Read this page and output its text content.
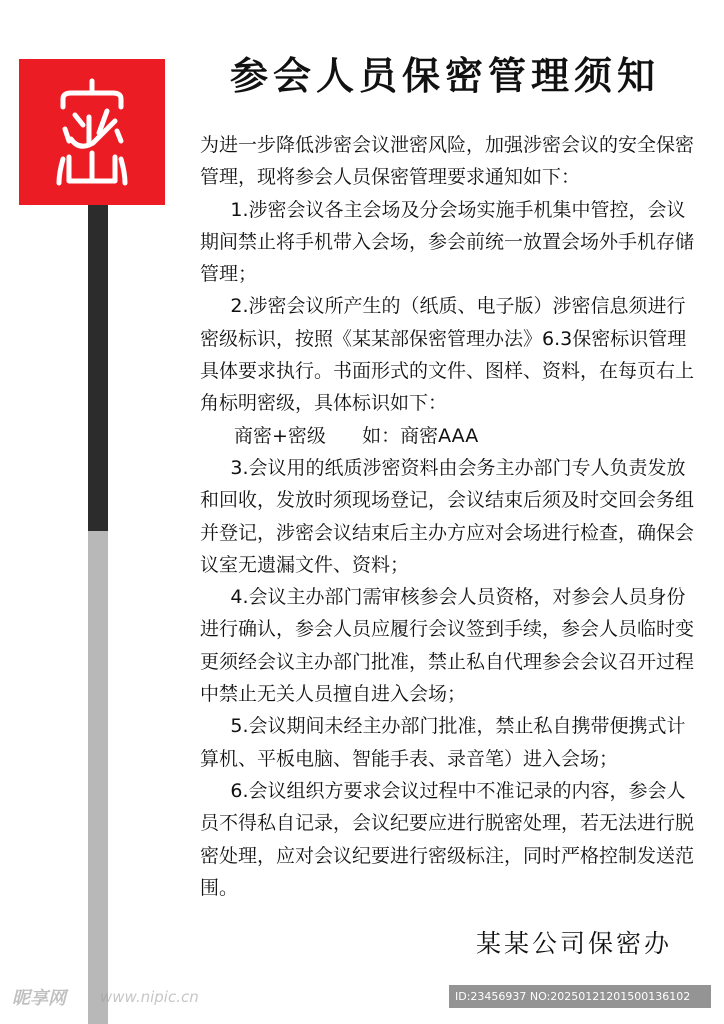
参会人员保密管理须知

为进一步降低涉密会议泄密风险，加强涉密会议的安全保密管理，现将参会人员保密管理要求通知如下：

1.涉密会议各主会场及分会场实施手机集中管控，会议期间禁止将手机带入会场，参会前统一放置会场外手机存储管理；

2.涉密会议所产生的（纸质、电子版）涉密信息须进行密级标识，按照《某某部保密管理办法》6.3保密标识管理具体要求执行。书面形式的文件、图样、资料，在每页右上角标明密级，具体标识如下：

商密+密级      如：商密AAA

3.会议用的纸质涉密资料由会务主办部门专人负责发放和回收，发放时须现场登记，会议结束后须及时交回会务组并登记，涉密会议结束后主办方应对会场进行检查，确保会议室无遗漏文件、资料；

4.会议主办部门需审核参会人员资格，对参会人员身份进行确认，参会人员应履行会议签到手续，参会人员临时变更须经会议主办部门批准，禁止私自代理参会会议召开过程中禁止无关人员擅自进入会场；

5.会议期间未经主办部门批准，禁止私自携带便携式计算机、平板电脑、智能手表、录音笔）进入会场；

6.会议组织方要求会议过程中不准记录的内容，参会人员不得私自记录，会议纪要应进行脱密处理，若无法进行脱密处理，应对会议纪要进行密级标注，同时严格控制发送范围。

某某公司保密办
昵享网 www.nipic.cn	ID:23456937 NO:20250121201500136102
